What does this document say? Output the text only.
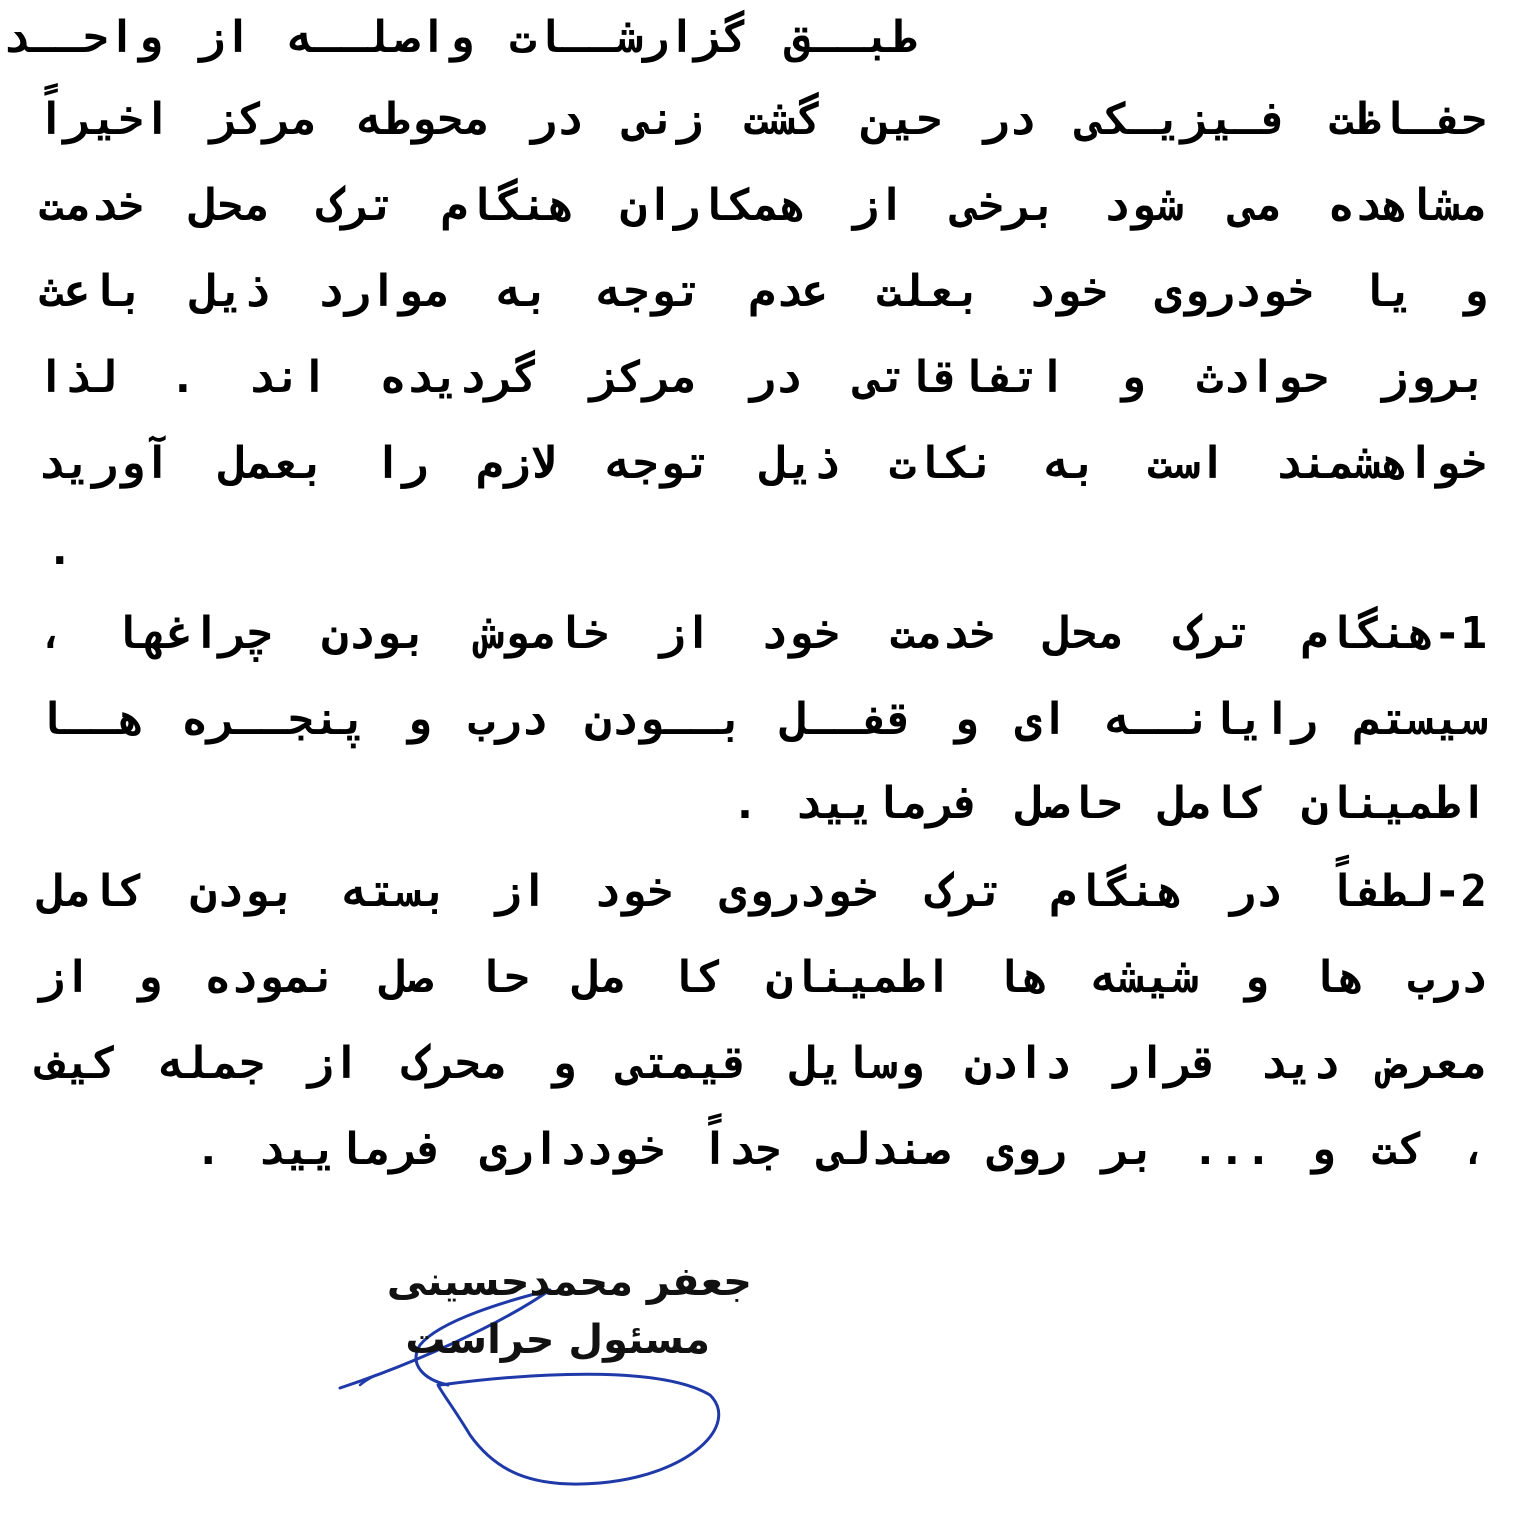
طبــق گزارشــات واصلــه از واحــد
حفـاظت فـیزیـکی در حین گشت زنی در محوطه مرکز اخیراً
مشاهده می شود برخی از همکاران هنگام ترک محل خدمت
و یا خودروی خود بعلت عدم توجه به موارد ذیل باعث
بروز حوادث و اتفاقاتی در مرکز گردیده اند . لذا
خواهشمند است به نکات ذیل توجه لازم را بعمل آورید
.
1-هنگام ترک محل خدمت خود از خاموش بودن چراغها ،
سیستم رایانــه ای و قفــل بــودن درب و پنجــره هــا
اطمینان کامل حاصل فرمایید .
2-لطفاً در هنگام ترک خودروی خود از بسته بودن کامل
درب ها و شیشه ها اطمینان کا مل حا صل نموده و از
معرض دید قرار دادن وسایل قیمتی و محرک از جمله کیف
، کت و ... بر روی صندلی جداً خودداری فرمایید .
جعفر محمدحسینی
مسئول حراست
